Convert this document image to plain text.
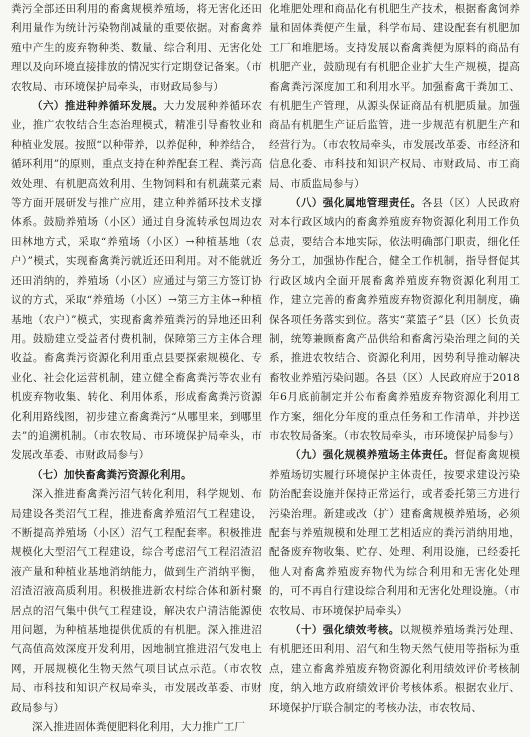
粪污全部还田利用的畜禽规模养殖场，将无害化还田利用量作为统计污染物削减量的重要依据。对畜禽养殖中产生的废弃物种类、数量、综合利用、无害化处理以及向环境直接排放的情况实行定期登记备案。（市农牧局、市环境保护局牵头，市财政局参与）

（六）推进种养循环发展。大力发展种养循环农业，推广农牧结合生态治理模式，精准引导畜牧业和种植业发展。按照“以种带养，以养促种，种养结合，循环利用”的原则，重点支持在种养配套工程、粪污高效处理、有机肥高效利用、生物饲料和有机蔬菜元素等方面开展研发与推广应用，建立种养循环技术支撑体系。鼓励养殖场（小区）通过自身流转承包周边农田林地方式，采取“养殖场（小区）→种植基地（农户）”模式，实现畜禽粪污就近还田利用。对不能就近还田消纳的，养殖场（小区）应通过与第三方签订协议的方式，采取“养殖场（小区）→第三方主体→种植基地（农户）”模式，实现畜禽养殖粪污的异地还田利用。鼓励建立受益者付费机制，保障第三方主体合理收益。畜禽粪污资源化利用重点县要探索规模化、专业化、社会化运营机制，建立健全畜禽粪污等农业有机废弃物收集、转化、利用体系，形成畜禽粪污资源化利用路线图，初步建立畜禽粪污“从哪里来，到哪里去”的追溯机制。（市农牧局、市环境保护局牵头，市发展改革委、市财政局参与）

（七）加快畜禽粪污资源化利用。

深入推进畜禽粪污沼气转化利用，科学规划、布局建设各类沼气工程，推进畜禽养殖沼气工程建设，不断提高养殖场（小区）沼气工程配套率。积极推进规模化大型沼气工程建设，综合考虑沼气工程沼渣沼液产量和种植业基地消纳能力，做到生产消纳平衡，沼渣沼液高质利用。积极推进新农村综合体和新村聚居点的沼气集中供气工程建设，解决农户清洁能源使用问题，为种植基地提供优质的有机肥。深入推进沼气高值高效深度开发利用，因地制宜推进沼气发电上网，开展规模化生物天然气项目试点示范。（市农牧局、市科技和知识产权局牵头，市发展改革委、市财政局参与）

深入推进固体粪便肥料化利用，大力推广工厂

化堆肥处理和商品化有机肥生产技术，根据畜禽饲养量和固体粪便产生量，科学布局、建设配套有机肥加工厂和堆肥场。支持发展以畜禽粪便为原料的商品有机肥产业，鼓励现有有机肥企业扩大生产规模，提高畜禽粪污深度加工和利用水平。加强畜禽干粪加工、有机肥生产管理，从源头保证商品有机肥质量。加强商品有机肥生产证后监管，进一步规范有机肥生产和经营行为。（市农牧局牵头，市发展改革委、市经济和信息化委、市科技和知识产权局、市财政局、市工商局、市质监局参与）

（八）强化属地管理责任。各县（区）人民政府对本行政区域内的畜禽养殖废弃物资源化利用工作负总责，要结合本地实际，依法明确部门职责，细化任务分工，加强协作配合，健全工作机制，指导督促其行政区域内全面开展畜禽养殖废弃物资源化利用工作，建立完善的畜禽养殖废弃物资源化利用制度，确保各项任务落实到位。落实“菜篮子”县（区）长负责制，统筹兼顾畜禽产品供给和畜禽污染治理之间的关系，推进农牧结合、资源化利用，因势利导推动解决畜牧业养殖污染问题。各县（区）人民政府应于2018年6月底前制定并公布畜禽养殖废弃物资源化利用工作方案，细化分年度的重点任务和工作清单，并抄送市农牧局备案。（市农牧局牵头，市环境保护局参与）

（九）强化规模养殖场主体责任。督促畜禽规模养殖场切实履行环境保护主体责任，按要求建设污染防治配套设施并保持正常运行，或者委托第三方进行污染治理。新建或改（扩）建畜禽规模养殖场，必须配套与养殖规模和处理工艺相适应的粪污消纳用地，配备废弃物收集、贮存、处理、利用设施，已经委托他人对畜禽养殖废弃物代为综合利用和无害化处理的，可不再自行建设综合利用和无害化处理设施。（市农牧局、市环境保护局牵头）

（十）强化绩效考核。以规模养殖场粪污处理、有机肥还田利用、沼气和生物天然气使用等指标为重点，建立畜禽养殖废弃物资源化利用绩效评价考核制度，纳入地方政府绩效评价考核体系。根据农业厅、环境保护厅联合制定的考核办法，市农牧局、
